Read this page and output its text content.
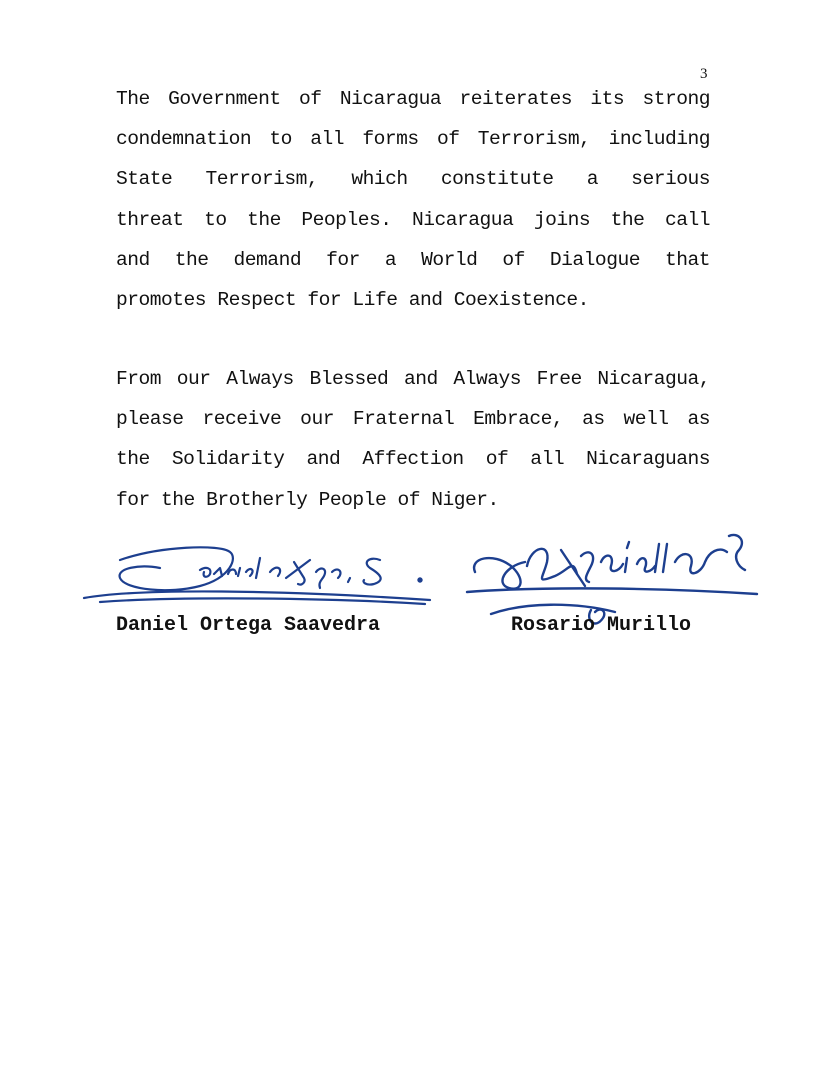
3

The Government of Nicaragua reiterates its strong
condemnation to all forms of Terrorism, including
State Terrorism, which constitute a serious
threat to the Peoples. Nicaragua joins the call
and the demand for a World of Dialogue that
promotes Respect for Life and Coexistence.

From our Always Blessed and Always Free Nicaragua,
please receive our Fraternal Embrace, as well as
the Solidarity and Affection of all Nicaraguans
for the Brotherly People of Niger.

Daniel Ortega Saavedra	Rosario Murillo
